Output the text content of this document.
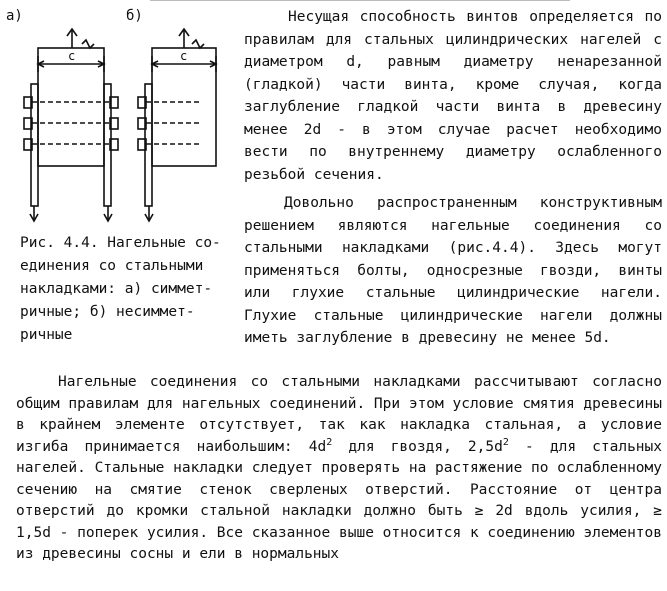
c	c
а)	б)
Рис. 4.4. Нагельные со-
единения со стальными
накладками: а) симмет-
ричные; б) несиммет-
ричные

Несущая способность винтов определяется по правилам для стальных цилиндрических нагелей с диаметром d, равным диаметру ненарезанной (гладкой) части винта, кроме случая, когда заглубление гладкой части винта в древесину менее 2d - в этом случае расчет необходимо вести по внутреннему диаметру ослабленного резьбой сечения.

Довольно распространенным конструктивным решением являются нагельные соединения со стальными накладками (рис.4.4). Здесь могут применяться болты, односрезные гвозди, винты или глухие стальные цилиндрические нагели. Глухие стальные цилиндрические нагели должны иметь заглубление в древесину не менее 5d.

Нагельные соединения со стальными накладками рассчитывают согласно общим правилам для нагельных соединений. При этом условие смятия древесины в крайнем элементе отсутствует, так как накладка стальная, а условие изгиба принимается наибольшим: $4d^2$ для гвоздя, $2,5d^2$ - для стальных нагелей. Стальные накладки следует проверять на растяжение по ослабленному сечению на смятие стенок сверленых отверстий. Расстояние от центра отверстий до кромки стальной накладки должно быть ≥ 2d вдоль усилия, ≥ 1,5d - поперек усилия. Все сказанное выше относится к соединению элементов из древесины сосны и ели в нормальных
